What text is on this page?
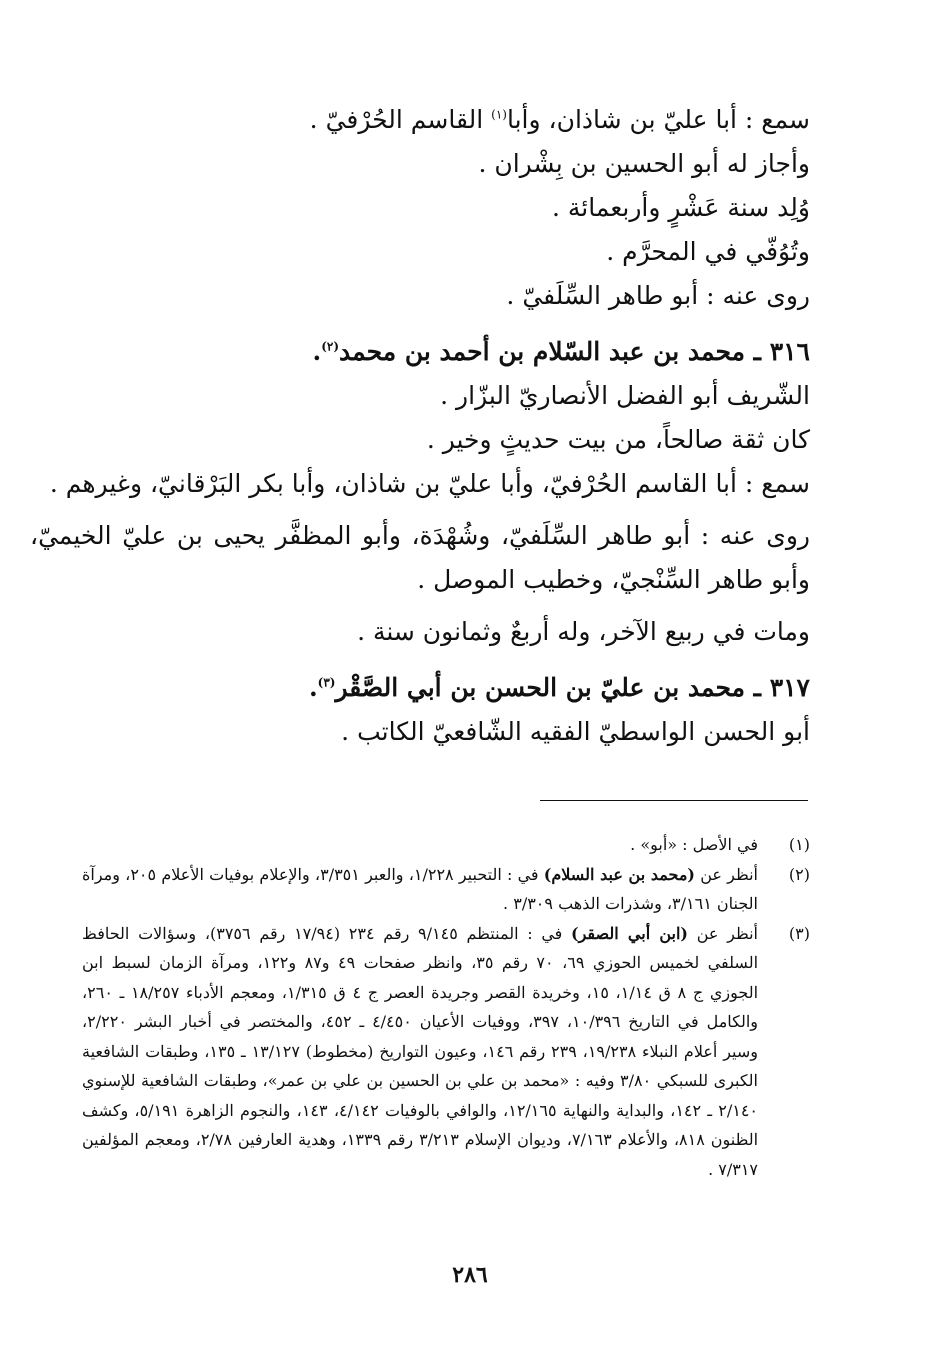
سمع : أبا عليّ بن شاذان، وأبا$^{(١)}$ القاسم الحُرْفيّ .
وأجاز له أبو الحسين بن بِشْران .
وُلِد سنة عَشْرٍ وأربعمائة .
وتُوُفّي في المحرَّم .
روى عنه : أبو طاهر السِّلَفيّ .
٣١٦ ـ محمد بن عبد السّلام بن أحمد بن محمد$^{(٢)}$.
الشّريف أبو الفضل الأنصاريّ البزّار .
كان ثقة صالحاً، من بيت حديثٍ وخير .
سمع : أبا القاسم الحُرْفيّ، وأبا عليّ بن شاذان، وأبا بكر البَرْقانيّ، وغيرهم .
روى عنه : أبو طاهر السِّلَفيّ، وشُهْدَة، وأبو المظفَّر يحيى بن عليّ الخيميّ، وأبو طاهر السِّنْجيّ، وخطيب الموصل .
ومات في ربيع الآخر، وله أربعٌ وثمانون سنة .
٣١٧ ـ محمد بن عليّ بن الحسن بن أبي الصَّقْر$^{(٣)}$.
أبو الحسن الواسطيّ الفقيه الشّافعيّ الكاتب .
(١)
في الأصل : «أبو» .
(٢)
أنظر عن (محمد بن عبد السلام) في : التحبير ١/٢٢٨، والعبر ٣/٣٥١، والإعلام بوفيات الأعلام ٢٠٥، ومرآة الجنان ٣/١٦١، وشذرات الذهب ٣/٣٠٩ .
(٣)
أنظر عن (ابن أبي الصقر) في : المنتظم ٩/١٤٥ رقم ٢٣٤ (١٧/٩٤ رقم ٣٧٥٦)، وسؤالات الحافظ السلفي لخميس الحوزي ٦٩، ٧٠ رقم ٣٥، وانظر صفحات ٤٩ و٨٧ و١٢٢، ومرآة الزمان لسبط ابن الجوزي ج ٨ ق ١/١٤، ١٥، وخريدة القصر وجريدة العصر ج ٤ ق ١/٣١٥، ومعجم الأدباء ١٨/٢٥٧ ـ ٢٦٠، والكامل في التاريخ ١٠/٣٩٦، ٣٩٧، ووفيات الأعيان ٤/٤٥٠ ـ ٤٥٢، والمختصر في أخبار البشر ٢/٢٢٠، وسير أعلام النبلاء ١٩/٢٣٨، ٢٣٩ رقم ١٤٦، وعيون التواريخ (مخطوط) ١٣/١٢٧ ـ ١٣٥، وطبقات الشافعية الكبرى للسبكي ٣/٨٠ وفيه : «محمد بن علي بن الحسين بن علي بن عمر»، وطبقات الشافعية للإسنوي ٢/١٤٠ ـ ١٤٢، والبداية والنهاية ١٢/١٦٥، والوافي بالوفيات ٤/١٤٢، ١٤٣، والنجوم الزاهرة ٥/١٩١، وكشف الظنون ٨١٨، والأعلام ٧/١٦٣، وديوان الإسلام ٣/٢١٣ رقم ١٣٣٩، وهدية العارفين ٢/٧٨، ومعجم المؤلفين ٧/٣١٧ .
٢٨٦
